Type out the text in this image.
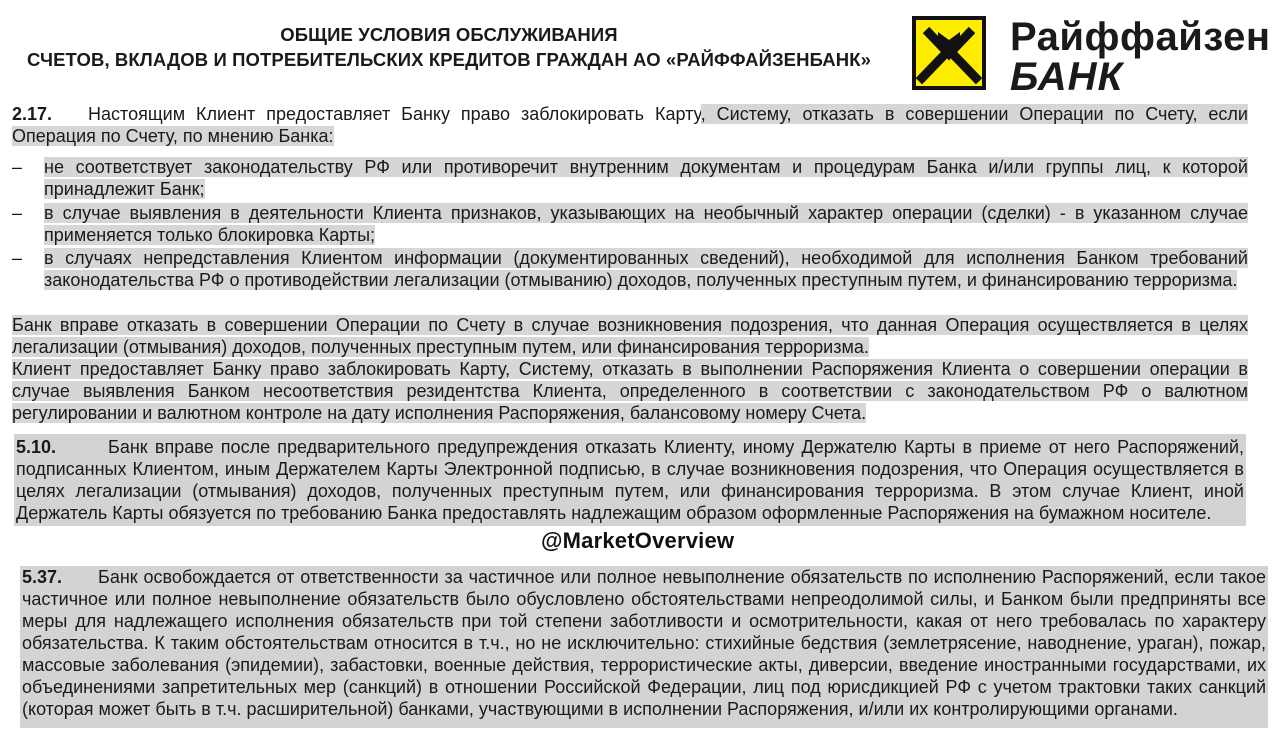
ОБЩИЕ УСЛОВИЯ ОБСЛУЖИВАНИЯ
СЧЕТОВ, ВКЛАДОВ И ПОТРЕБИТЕЛЬСКИХ КРЕДИТОВ ГРАЖДАН АО «РАЙФФАЙЗЕНБАНК»
Райффайзен
БАНК
2.17. Настоящим Клиент предоставляет Банку право заблокировать Карту, Систему, отказать в совершении Операции по Счету, если Операция по Счету, по мнению Банка:
– не соответствует законодательству РФ или противоречит внутренним документам и процедурам Банка и/или группы лиц, к которой принадлежит Банк;
– в случае выявления в деятельности Клиента признаков, указывающих на необычный характер операции (сделки) - в указанном случае применяется только блокировка Карты;
– в случаях непредставления Клиентом информации (документированных сведений), необходимой для исполнения Банком требований законодательства РФ о противодействии легализации (отмыванию) доходов, полученных преступным путем, и финансированию терроризма.
Банк вправе отказать в совершении Операции по Счету в случае возникновения подозрения, что данная Операция осуществляется в целях легализации (отмывания) доходов, полученных преступным путем, или финансирования терроризма.
Клиент предоставляет Банку право заблокировать Карту, Систему, отказать в выполнении Распоряжения Клиента о совершении операции в случае выявления Банком несоответствия резидентства Клиента, определенного в соответствии с законодательством РФ о валютном регулировании и валютном контроле на дату исполнения Распоряжения, балансовому номеру Счета.
5.10.	Банк вправе после предварительного предупреждения отказать Клиенту, иному Держателю Карты в приеме от него Распоряжений, подписанных Клиентом, иным Держателем Карты Электронной подписью, в случае возникновения подозрения, что Операция осуществляется в целях легализации (отмывания) доходов, полученных преступным путем, или финансирования терроризма. В этом случае Клиент, иной Держатель Карты обязуется по требованию Банка предоставлять надлежащим образом оформленные Распоряжения на бумажном носителе.
@MarketOverview
5.37. Банк освобождается от ответственности за частичное или полное невыполнение обязательств по исполнению Распоряжений, если такое частичное или полное невыполнение обязательств было обусловлено обстоятельствами непреодолимой силы, и Банком были предприняты все меры для надлежащего исполнения обязательств при той степени заботливости и осмотрительности, какая от него требовалась по характеру обязательства. К таким обстоятельствам относится в т.ч., но не исключительно: стихийные бедствия (землетрясение, наводнение, ураган), пожар, массовые заболевания (эпидемии), забастовки, военные действия, террористические акты, диверсии, введение иностранными государствами, их объединениями запретительных мер (санкций) в отношении Российской Федерации, лиц под юрисдикцией РФ с учетом трактовки таких санкций (которая может быть в т.ч. расширительной) банками, участвующими в исполнении Распоряжения, и/или их контролирующими органами.
